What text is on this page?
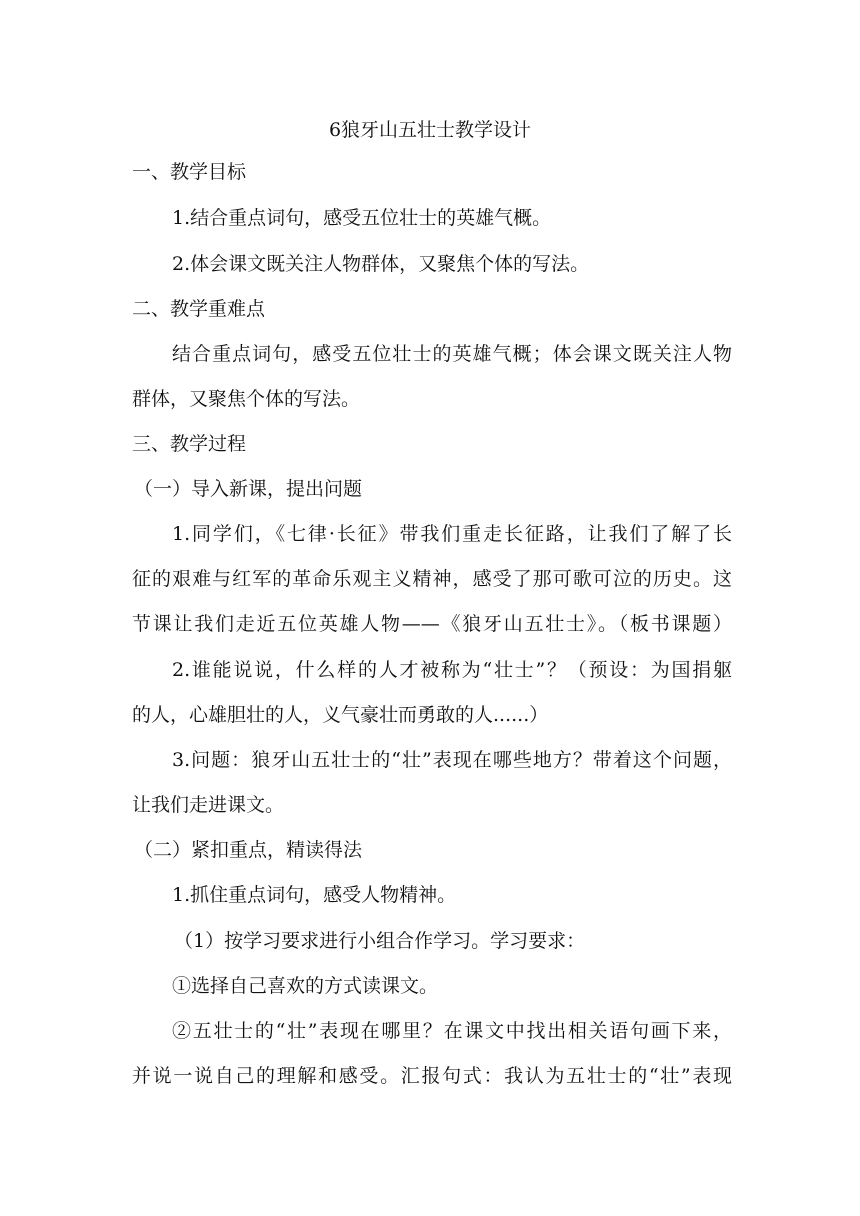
6狼牙山五壮士教学设计
一、教学目标
1.结合重点词句，感受五位壮士的英雄气概。
2.体会课文既关注人物群体，又聚焦个体的写法。
二、教学重难点
结合重点词句，感受五位壮士的英雄气概；体会课文既关注人物
群体，又聚焦个体的写法。
三、教学过程
（一）导入新课，提出问题
1.同学们，《七律·长征》带我们重走长征路，让我们了解了长
征的艰难与红军的革命乐观主义精神，感受了那可歌可泣的历史。这
节课让我们走近五位英雄人物——《狼牙山五壮士》。（板书课题）
2.谁能说说，什么样的人才被称为“壮士”？（预设：为国捐躯
的人，心雄胆壮的人，义气豪壮而勇敢的人......）
3.问题：狼牙山五壮士的“壮”表现在哪些地方？带着这个问题，
让我们走进课文。
（二）紧扣重点，精读得法
1.抓住重点词句，感受人物精神。
（1）按学习要求进行小组合作学习。学习要求：
①选择自己喜欢的方式读课文。
②五壮士的“壮”表现在哪里？在课文中找出相关语句画下来，
并说一说自己的理解和感受。汇报句式：我认为五壮士的“壮”表现
